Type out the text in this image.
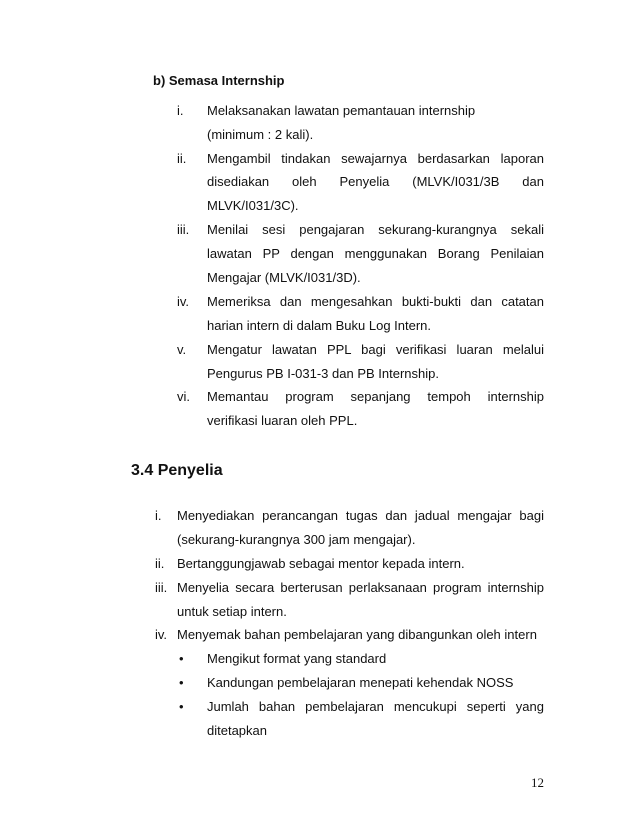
b) Semasa Internship
i. Melaksanakan lawatan pemantauan internship
(minimum : 2 kali).
ii. Mengambil tindakan sewajarnya berdasarkan laporan
disediakan oleh Penyelia (MLVK/I031/3B dan
MLVK/I031/3C).
iii. Menilai sesi pengajaran sekurang-kurangnya sekali
lawatan PP dengan menggunakan Borang Penilaian
Mengajar (MLVK/I031/3D).
iv. Memeriksa dan mengesahkan bukti-bukti dan catatan
harian intern di dalam Buku Log Intern.
v. Mengatur lawatan PPL bagi verifikasi luaran melalui
Pengurus PB I-031-3 dan PB Internship.
vi. Memantau program sepanjang tempoh internship
verifikasi luaran oleh PPL.
3.4 Penyelia
i. Menyediakan perancangan tugas dan jadual mengajar bagi
(sekurang-kurangnya 300 jam mengajar).
ii. Bertanggungjawab sebagai mentor kepada intern.
iii. Menyelia secara berterusan perlaksanaan program internship
untuk setiap intern.
iv. Menyemak bahan pembelajaran yang dibangunkan oleh intern
• Mengikut format yang standard
• Kandungan pembelajaran menepati kehendak NOSS
• Jumlah bahan pembelajaran mencukupi seperti yang
ditetapkan
12
